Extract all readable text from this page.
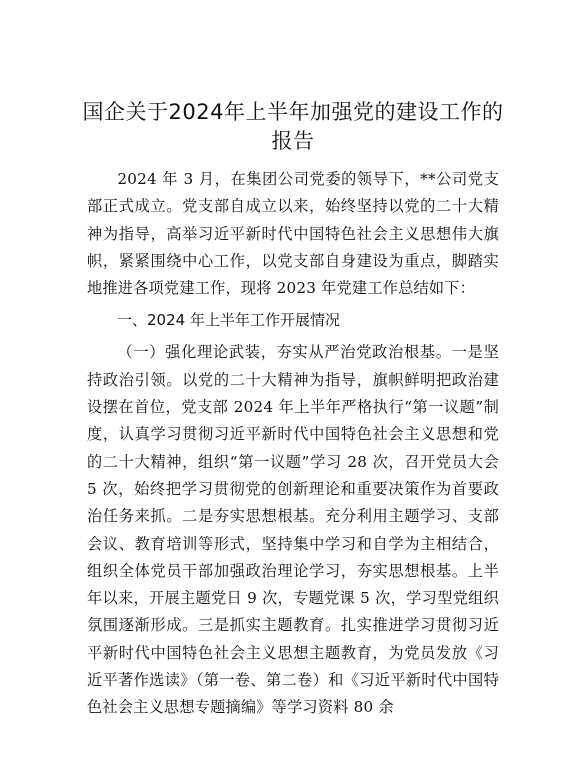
国企关于2024年上半年加强党的建设工作的报告

2024 年 3 月，在集团公司党委的领导下，**公司党支部正式成立。党支部自成立以来，始终坚持以党的二十大精神为指导，高举习近平新时代中国特色社会主义思想伟大旗帜，紧紧围绕中心工作，以党支部自身建设为重点，脚踏实地推进各项党建工作，现将 2023 年党建工作总结如下：

一、2024 年上半年工作开展情况

（一）强化理论武装，夯实从严治党政治根基。一是坚持政治引领。以党的二十大精神为指导，旗帜鲜明把政治建设摆在首位，党支部 2024 年上半年严格执行“第一议题”制度，认真学习贯彻习近平新时代中国特色社会主义思想和党的二十大精神，组织“第一议题”学习 28 次，召开党员大会 5 次，始终把学习贯彻党的创新理论和重要决策作为首要政治任务来抓。二是夯实思想根基。充分利用主题学习、支部会议、教育培训等形式，坚持集中学习和自学为主相结合，组织全体党员干部加强政治理论学习，夯实思想根基。上半年以来，开展主题党日 9 次，专题党课 5 次，学习型党组织氛围逐渐形成。三是抓实主题教育。扎实推进学习贯彻习近平新时代中国特色社会主义思想主题教育，为党员发放《习近平著作选读》（第一卷、第二卷）和《习近平新时代中国特色社会主义思想专题摘编》等学习资料 80 余
